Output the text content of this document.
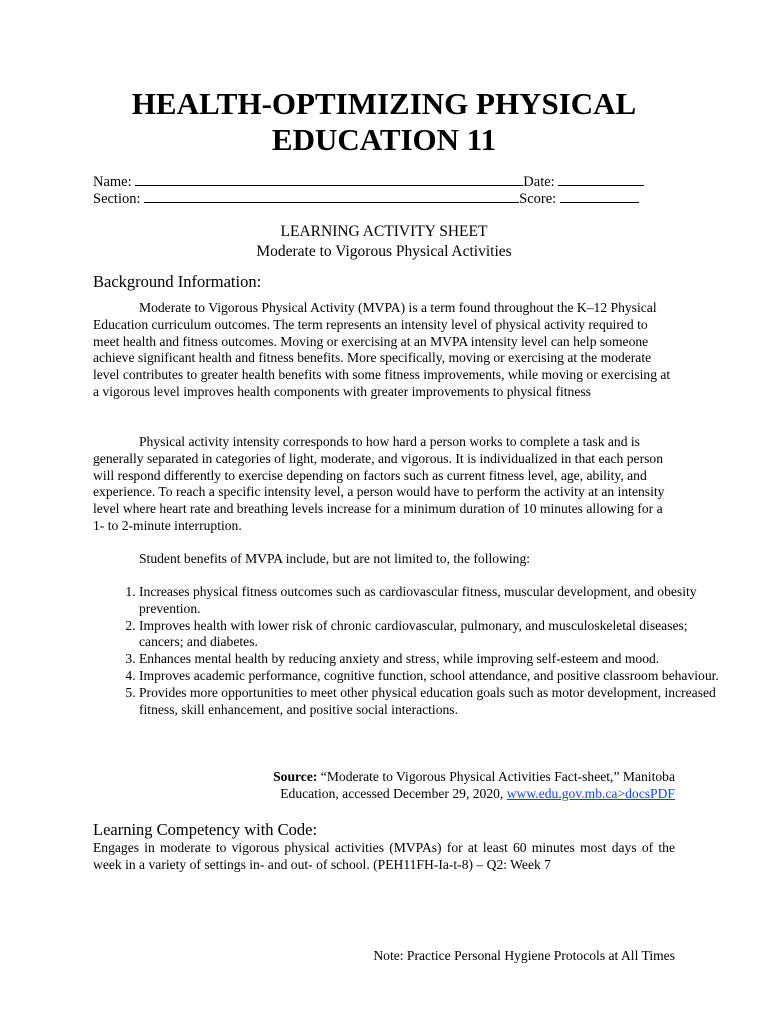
HEALTH-OPTIMIZING PHYSICAL
EDUCATION 11
Name:	Date:
Section:	Score:
LEARNING ACTIVITY SHEET
Moderate to Vigorous Physical Activities
Background Information:

Moderate to Vigorous Physical Activity (MVPA) is a term found throughout the K–12 Physical Education curriculum outcomes. The term represents an intensity level of physical activity required to meet health and fitness outcomes. Moving or exercising at an MVPA intensity level can help someone achieve significant health and fitness benefits. More specifically, moving or exercising at the moderate level contributes to greater health benefits with some fitness improvements, while moving or exercising at a vigorous level improves health components with greater improvements to physical fitness

Physical activity intensity corresponds to how hard a person works to complete a task and is generally separated in categories of light, moderate, and vigorous. It is individualized in that each person will respond differently to exercise depending on factors such as current fitness level, age, ability, and experience. To reach a specific intensity level, a person would have to perform the activity at an intensity level where heart rate and breathing levels increase for a minimum duration of 10 minutes allowing for a 1- to 2-minute interruption.

Student benefits of MVPA include, but are not limited to, the following:

1. Increases physical fitness outcomes such as cardiovascular fitness, muscular development, and obesity prevention.
2. Improves health with lower risk of chronic cardiovascular, pulmonary, and musculoskeletal diseases; cancers; and diabetes.
3. Enhances mental health by reducing anxiety and stress, while improving self-esteem and mood.
4. Improves academic performance, cognitive function, school attendance, and positive classroom behaviour.
5. Provides more opportunities to meet other physical education goals such as motor development, increased fitness, skill enhancement, and positive social interactions.
Source: “Moderate to Vigorous Physical Activities Fact-sheet,” Manitoba
Education, accessed December 29, 2020, www.edu.gov.mb.ca>docsPDF
Learning Competency with Code:

Engages in moderate to vigorous physical activities (MVPAs) for at least 60 minutes most days of the week in a variety of settings in- and out- of school. (PEH11FH-Ia-t-8) – Q2: Week 7

Note: Practice Personal Hygiene Protocols at All Times
